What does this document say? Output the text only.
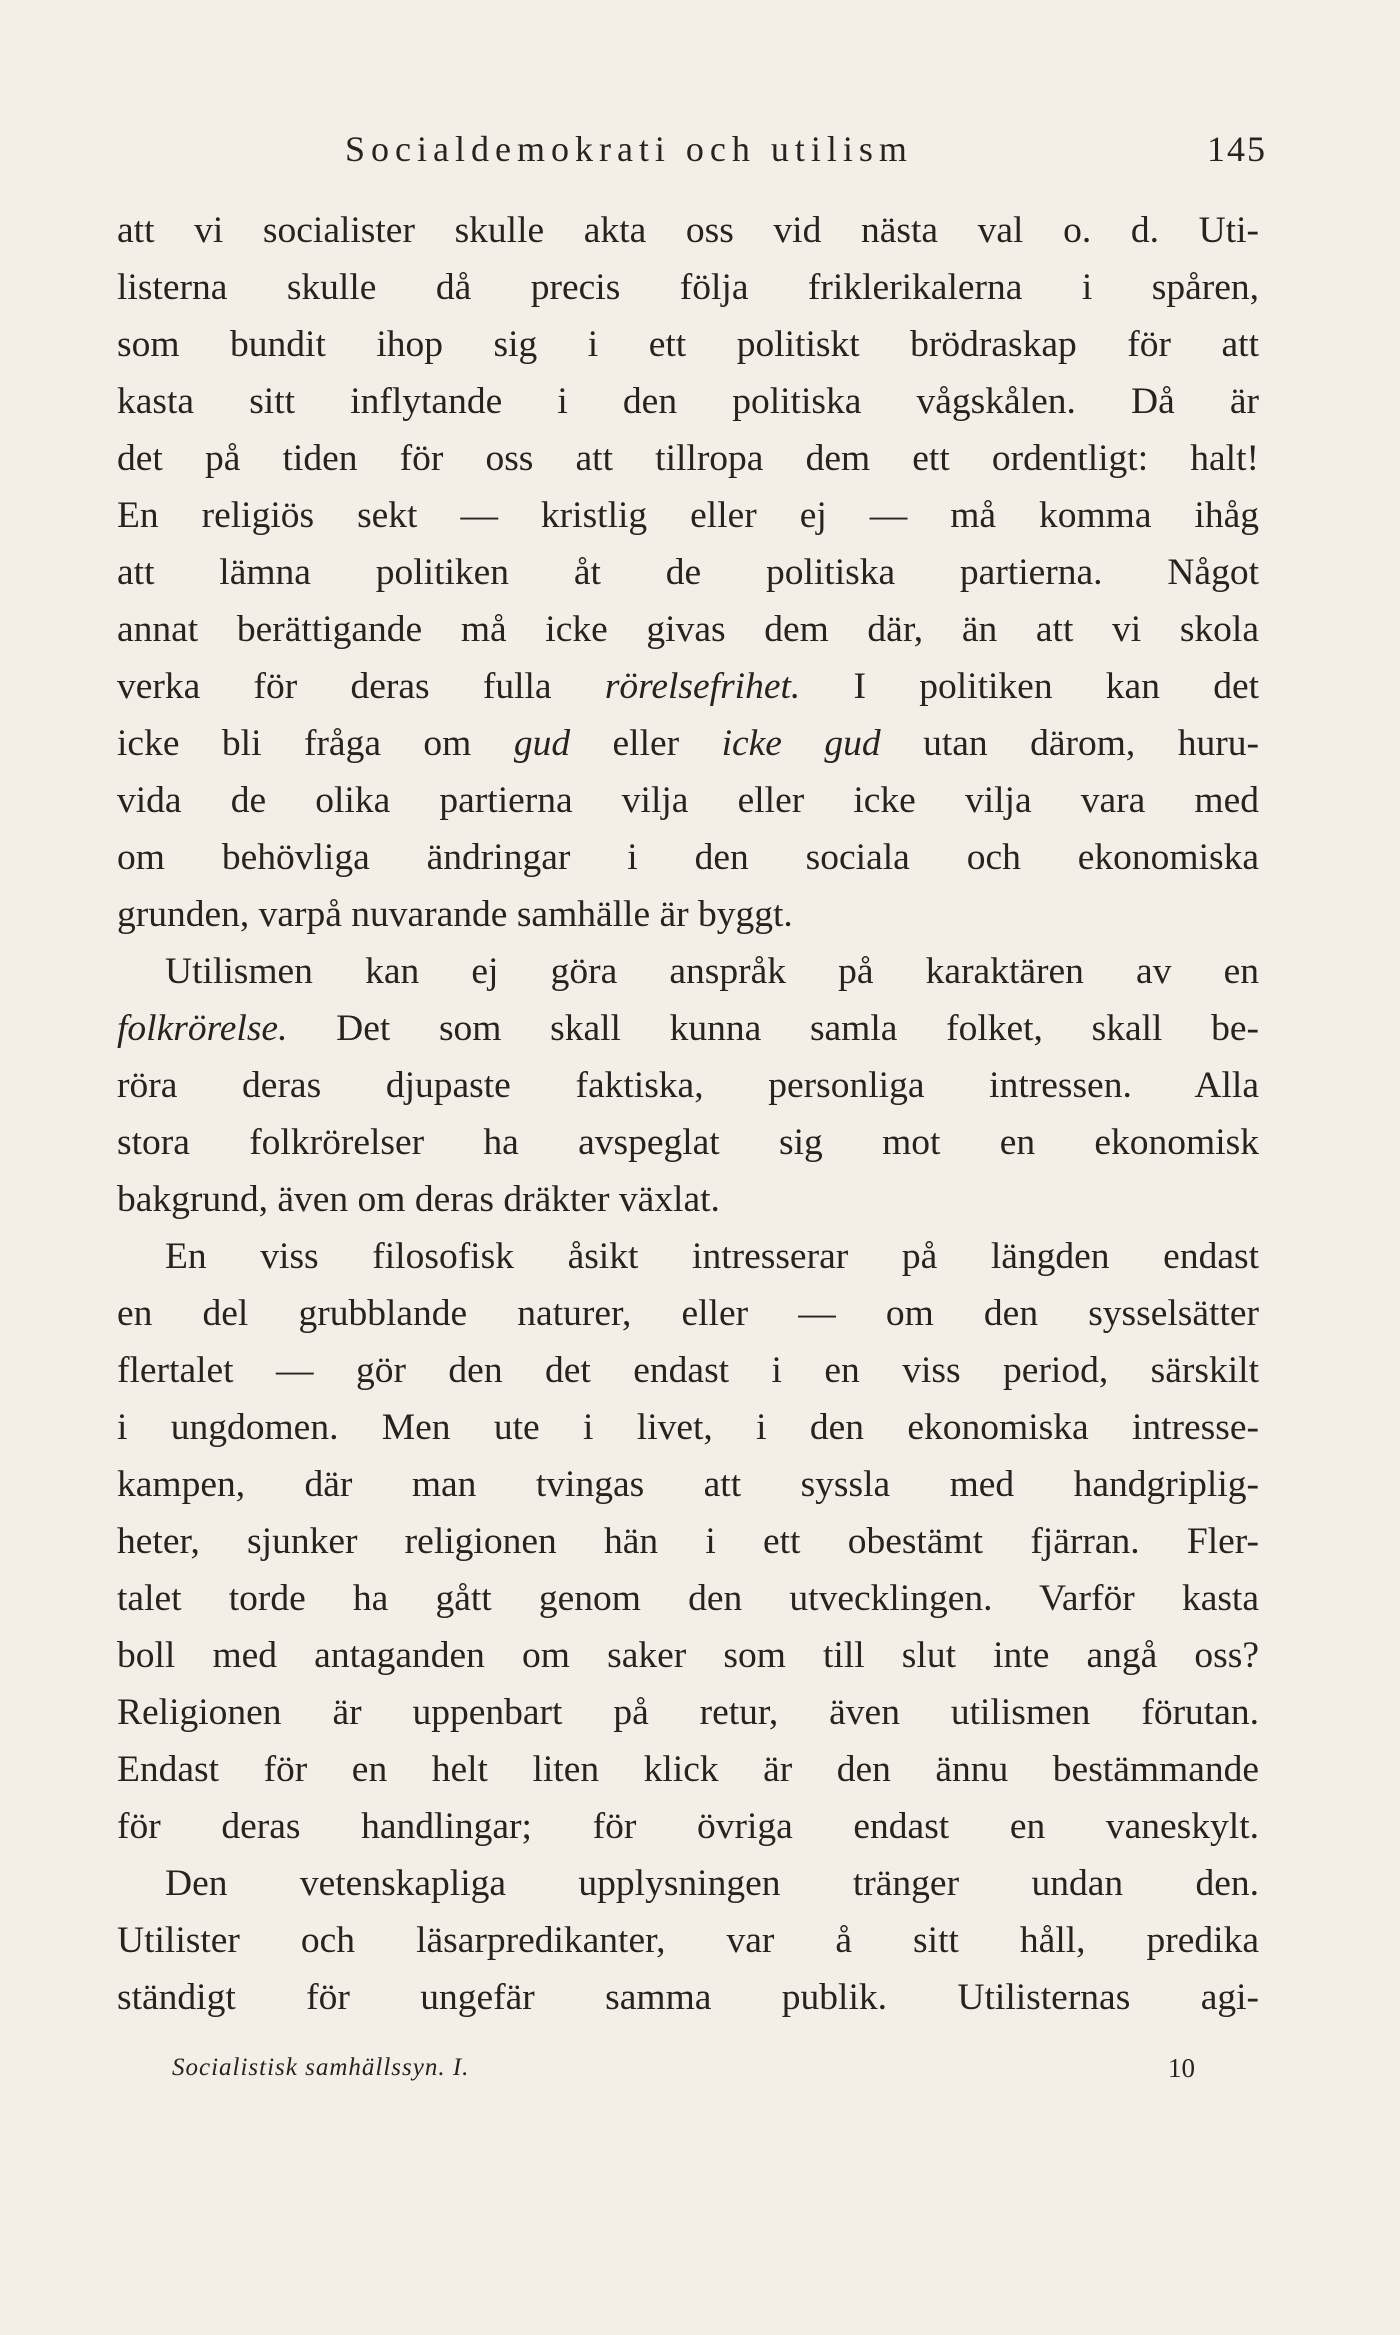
Socialdemokrati och utilism	145
att vi socialister skulle akta oss vid nästa val o. d. Uti-
listerna skulle då precis följa friklerikalerna i spåren,
som bundit ihop sig i ett politiskt brödraskap för att
kasta sitt inflytande i den politiska vågskålen. Då är
det på tiden för oss att tillropa dem ett ordentligt: halt!
En religiös sekt — kristlig eller ej — må komma ihåg
att lämna politiken åt de politiska partierna. Något
annat berättigande må icke givas dem där, än att vi skola
verka för deras fulla rörelsefrihet. I politiken kan det
icke bli fråga om gud eller icke gud utan därom, huru-
vida de olika partierna vilja eller icke vilja vara med
om behövliga ändringar i den sociala och ekonomiska
grunden, varpå nuvarande samhälle är byggt.
Utilismen kan ej göra anspråk på karaktären av en
folkrörelse. Det som skall kunna samla folket, skall be-
röra deras djupaste faktiska, personliga intressen. Alla
stora folkrörelser ha avspeglat sig mot en ekonomisk
bakgrund, även om deras dräkter växlat.
En viss filosofisk åsikt intresserar på längden endast
en del grubblande naturer, eller — om den sysselsätter
flertalet — gör den det endast i en viss period, särskilt
i ungdomen. Men ute i livet, i den ekonomiska intresse-
kampen, där man tvingas att syssla med handgriplig-
heter, sjunker religionen hän i ett obestämt fjärran. Fler-
talet torde ha gått genom den utvecklingen. Varför kasta
boll med antaganden om saker som till slut inte angå oss?
Religionen är uppenbart på retur, även utilismen förutan.
Endast för en helt liten klick är den ännu bestämmande
för deras handlingar; för övriga endast en vaneskylt.
Den vetenskapliga upplysningen tränger undan den.
Utilister och läsarpredikanter, var å sitt håll, predika
ständigt för ungefär samma publik. Utilisternas agi-
Socialistisk samhällssyn. I.	10
